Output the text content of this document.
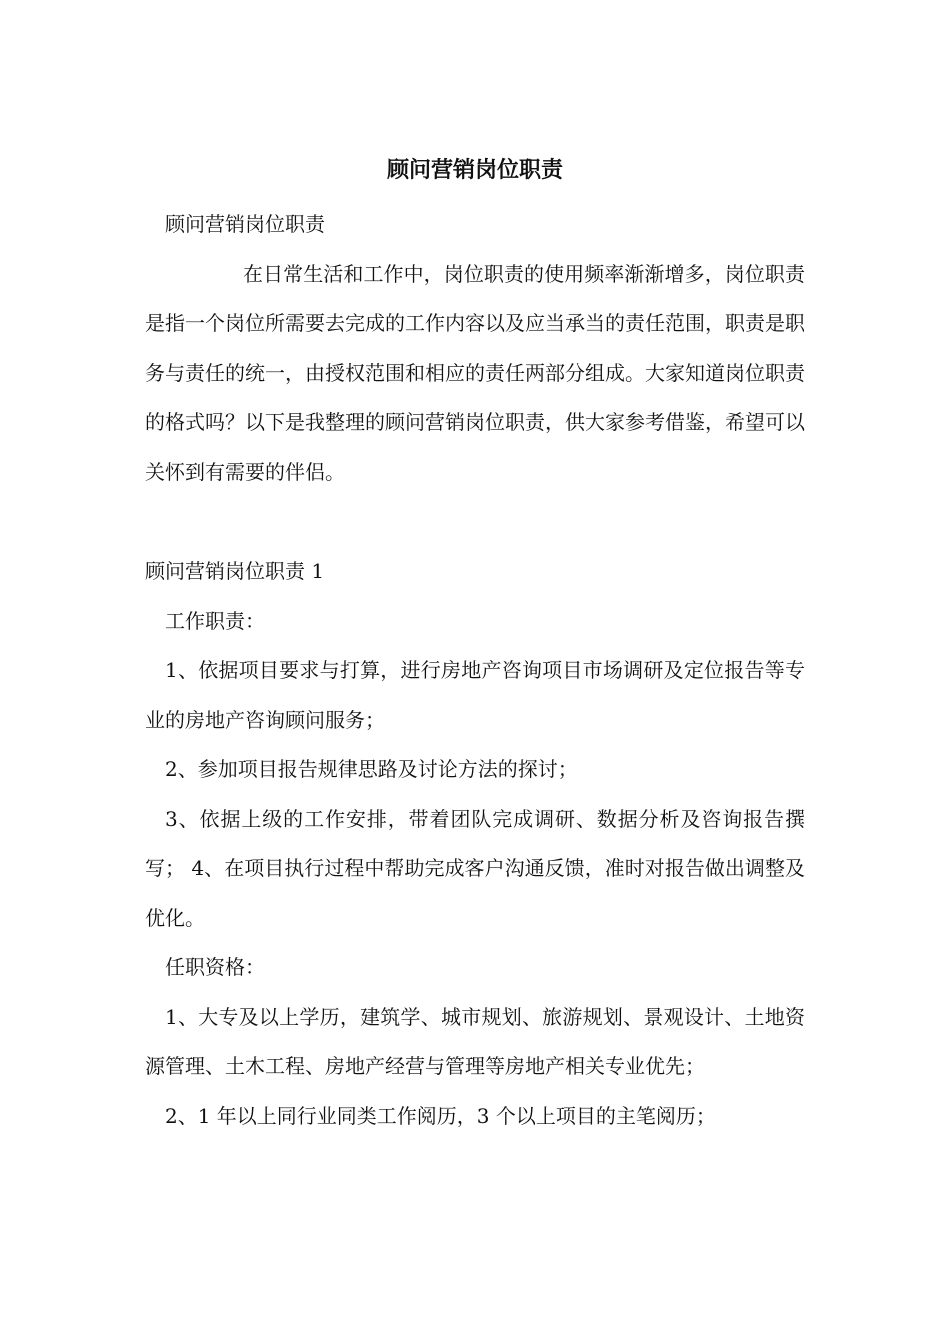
顾问营销岗位职责

顾问营销岗位职责

在日常生活和工作中，岗位职责的使用频率渐渐增多，岗位职责是指一个岗位所需要去完成的工作内容以及应当承当的责任范围，职责是职务与责任的统一，由授权范围和相应的责任两部分组成。大家知道岗位职责的格式吗？以下是我整理的顾问营销岗位职责，供大家参考借鉴，希望可以关怀到有需要的伴侣。

顾问营销岗位职责 1

工作职责：

1、依据项目要求与打算，进行房地产咨询项目市场调研及定位报告等专业的房地产咨询顾问服务；

2、参加项目报告规律思路及讨论方法的探讨；

3、依据上级的工作安排，带着团队完成调研、数据分析及咨询报告撰写； 4、在项目执行过程中帮助完成客户沟通反馈，准时对报告做出调整及优化。

任职资格：

1、大专及以上学历，建筑学、城市规划、旅游规划、景观设计、土地资源管理、土木工程、房地产经营与管理等房地产相关专业优先；

2、1 年以上同行业同类工作阅历，3 个以上项目的主笔阅历；
